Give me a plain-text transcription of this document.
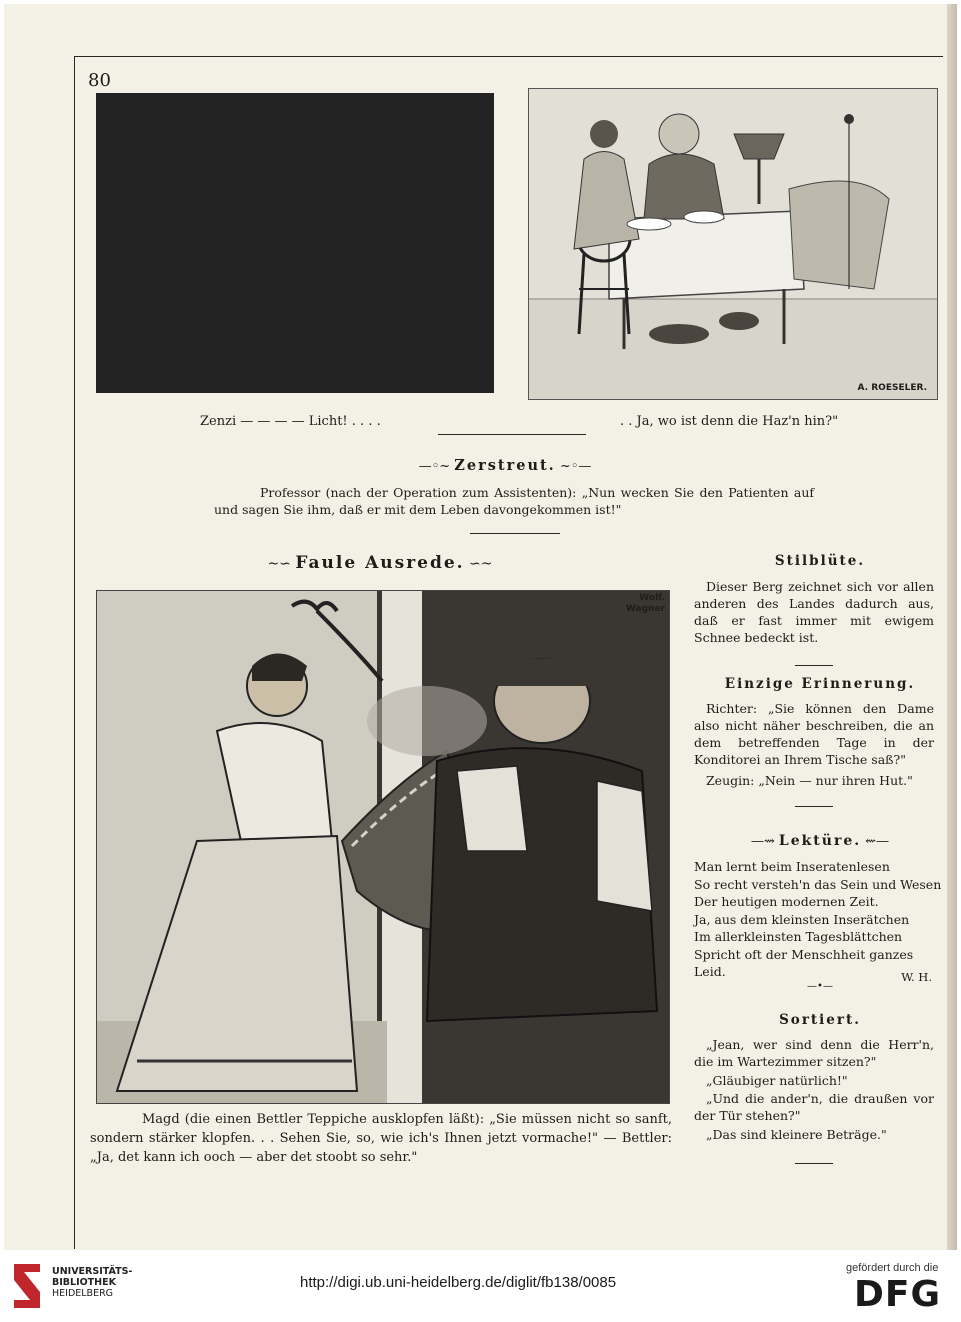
80
A. ROESELER.
Zenzi — — — — Licht! . . . .	. . Ja, wo ist denn die Haz'n hin?"
—◦~ Zerstreut. ~◦—
Professor (nach der Operation zum Assistenten): „Nun wecken Sie den Patienten auf und sagen Sie ihm, daß er mit dem Leben davongekommen ist!"
~∽ Faule Ausrede. ∽~
Wolf.
Wagner
Magd (die einen Bettler Teppiche ausklopfen läßt): „Sie müssen nicht so sanft, sondern stärker klopfen. . . Sehen Sie, so, wie ich's Ihnen jetzt vormache!" — Bettler: „Ja, det kann ich ooch — aber det stoobt so sehr."
Stilblüte.
Dieser Berg zeichnet sich vor allen anderen des Landes dadurch aus, daß er fast immer mit ewigem Schnee bedeckt ist.
Einzige Erinnerung.
Richter: „Sie können den Dame also nicht näher beschreiben, die an dem betreffenden Tage in der Konditorei an Ihrem Tische saß?"
Zeugin: „Nein — nur ihren Hut."
—⇝ Lektüre. ⇜—
Man lernt beim Inseratenlesen
So recht versteh'n das Sein und Wesen
Der heutigen modernen Zeit.
Ja, aus dem kleinsten Inserätchen
Im allerkleinsten Tagesblättchen
Spricht oft der Menschheit ganzes Leid.	W. H.
—•—
Sortiert.
„Jean, wer sind denn die Herr'n, die im Wartezimmer sitzen?"
„Gläubiger natürlich!"
„Und die ander'n, die draußen vor der Tür stehen?"
„Das sind kleinere Beträge."
UNIVERSITÄTS-
BIBLIOTHEK
HEIDELBERG
http://digi.ub.uni-heidelberg.de/diglit/fb138/0085
gefördert durch die
DFG
